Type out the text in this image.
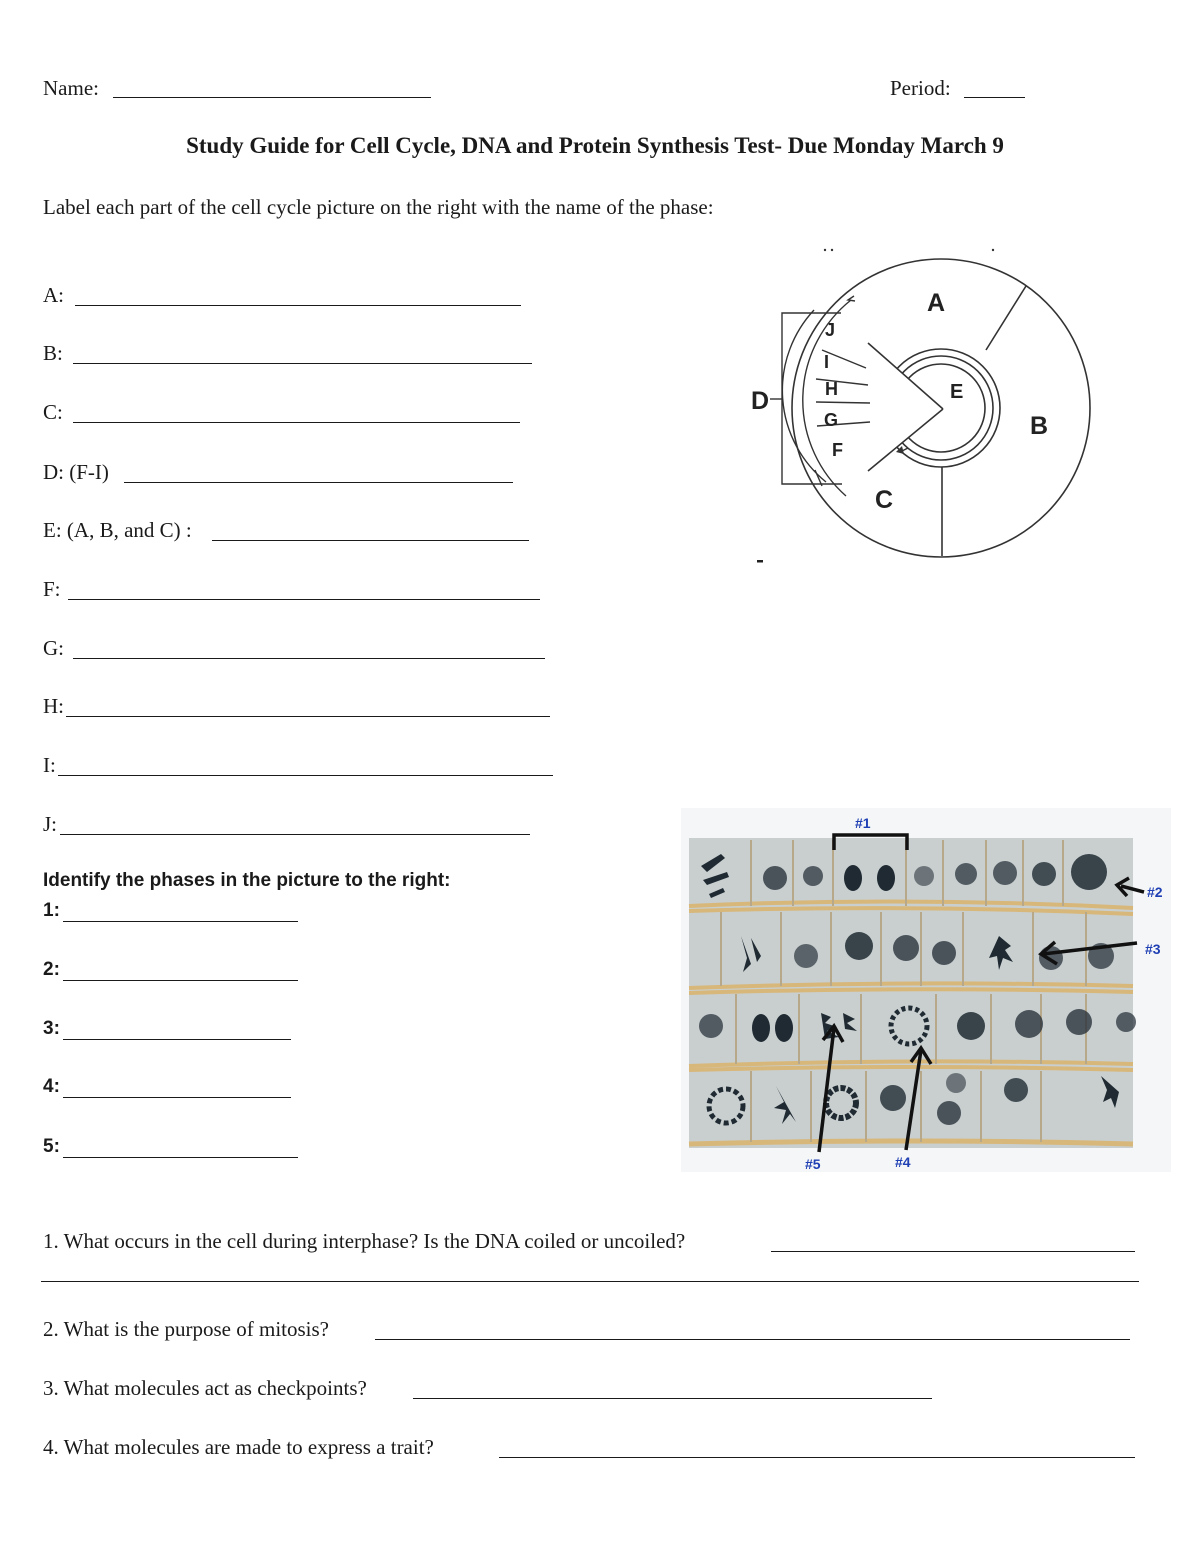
Name:	Period:
Study Guide for Cell Cycle, DNA and Protein Synthesis Test- Due Monday March 9
Label each part of the cell cycle picture on the right with the name of the phase:
A:
B:
C:
D: (F-I)
E: (A, B, and C) :
F:
G:
H:
I:
J:
Identify the phases in the picture to the right:
1:
2:
3:
4:
5:
A
B
C
D	E
J
I
H
G
F
#1
#2
#3
#4
#5
1. What occurs in the cell during interphase? Is the DNA coiled or uncoiled?
2. What is the purpose of mitosis?
3. What molecules act as checkpoints?
4. What molecules are made to express a trait?
